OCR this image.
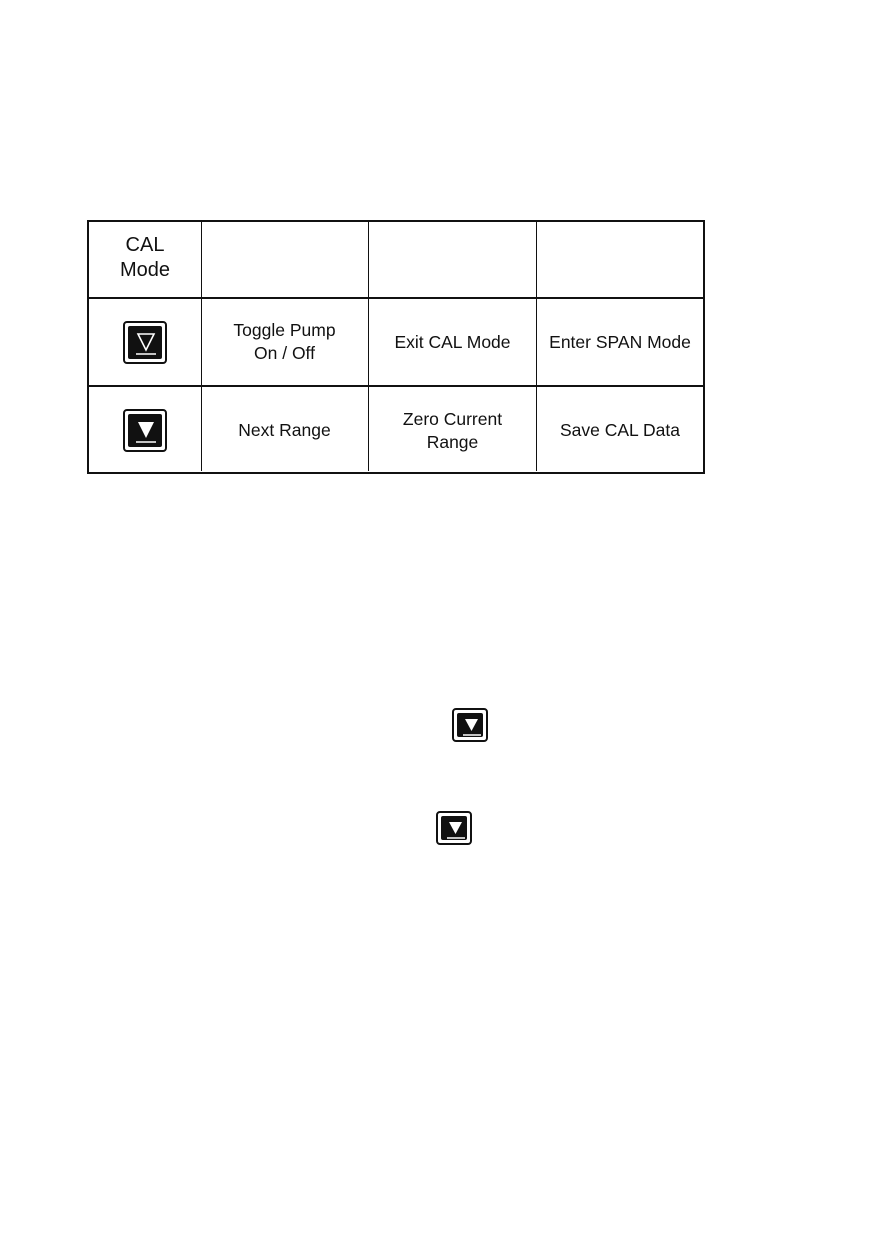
CAL
Mode

Toggle Pump
On / Off
Exit CAL Mode	Enter SPAN Mode

Next Range
Zero Current
Range
Save CAL Data
